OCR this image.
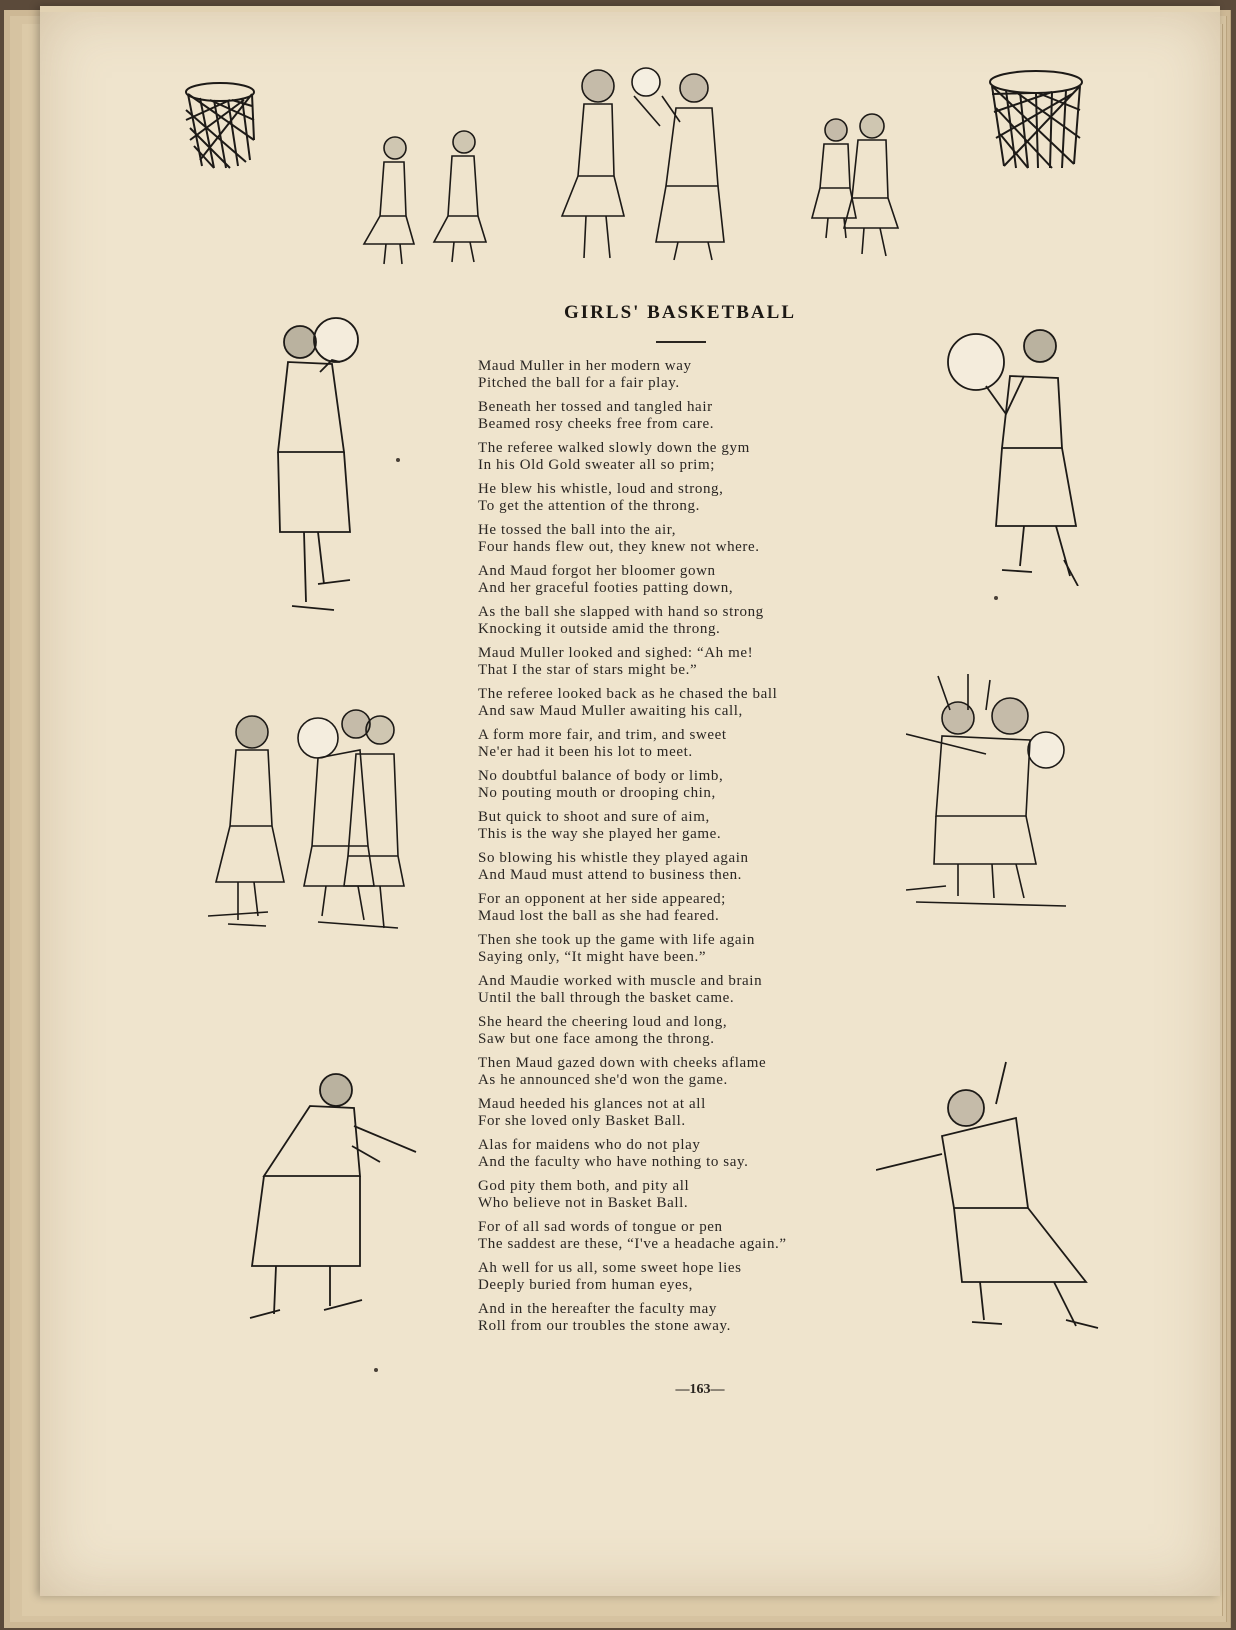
GIRLS' BASKETBALL
Maud Muller in her modern way
Pitched the ball for a fair play.
Beneath her tossed and tangled hair
Beamed rosy cheeks free from care.
The referee walked slowly down the gym
In his Old Gold sweater all so prim;
He blew his whistle, loud and strong,
To get the attention of the throng.
He tossed the ball into the air,
Four hands flew out, they knew not where.
And Maud forgot her bloomer gown
And her graceful footies patting down,
As the ball she slapped with hand so strong
Knocking it outside amid the throng.
Maud Muller looked and sighed: “Ah me!
That I the star of stars might be.”
The referee looked back as he chased the ball
And saw Maud Muller awaiting his call,
A form more fair, and trim, and sweet
Ne'er had it been his lot to meet.
No doubtful balance of body or limb,
No pouting mouth or drooping chin,
But quick to shoot and sure of aim,
This is the way she played her game.
So blowing his whistle they played again
And Maud must attend to business then.
For an opponent at her side appeared;
Maud lost the ball as she had feared.
Then she took up the game with life again
Saying only, “It might have been.”
And Maudie worked with muscle and brain
Until the ball through the basket came.
She heard the cheering loud and long,
Saw but one face among the throng.
Then Maud gazed down with cheeks aflame
As he announced she'd won the game.
Maud heeded his glances not at all
For she loved only Basket Ball.
Alas for maidens who do not play
And the faculty who have nothing to say.
God pity them both, and pity all
Who believe not in Basket Ball.
For of all sad words of tongue or pen
The saddest are these, “I've a headache again.”
Ah well for us all, some sweet hope lies
Deeply buried from human eyes,
And in the hereafter the faculty may
Roll from our troubles the stone away.
—163—
